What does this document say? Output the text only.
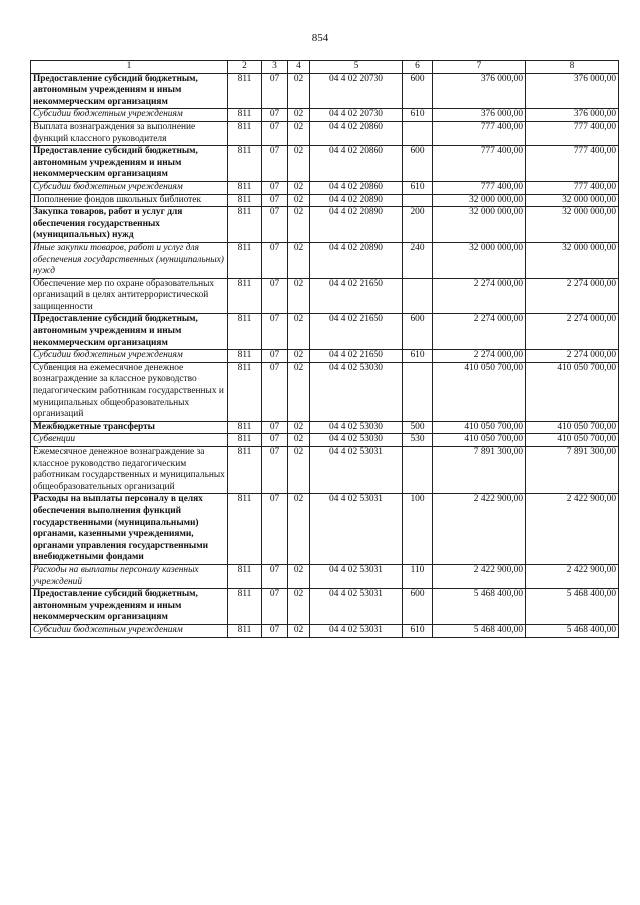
854
1	2	3	4	5	6	7	8
Предоставление субсидий бюджетным, автономным учреждениям и иным некоммерческим организациям	811	07	02	04 4 02 20730	600	376 000,00	376 000,00
Субсидии бюджетным учреждениям	811	07	02	04 4 02 20730	610	376 000,00	376 000,00
Выплата вознаграждения за выполнение функций классного руководителя	811	07	02	04 4 02 20860		777 400,00	777 400,00
Предоставление субсидий бюджетным, автономным учреждениям и иным некоммерческим организациям	811	07	02	04 4 02 20860	600	777 400,00	777 400,00
Субсидии бюджетным учреждениям	811	07	02	04 4 02 20860	610	777 400,00	777 400,00
Пополнение фондов школьных библиотек	811	07	02	04 4 02 20890		32 000 000,00	32 000 000,00
Закупка товаров, работ и услуг для обеспечения государственных (муниципальных) нужд	811	07	02	04 4 02 20890	200	32 000 000,00	32 000 000,00
Иные закупки товаров, работ и услуг для обеспечения государственных (муниципальных) нужд	811	07	02	04 4 02 20890	240	32 000 000,00	32 000 000,00
Обеспечение мер по охране образовательных организаций в целях антитеррористической защищенности	811	07	02	04 4 02 21650		2 274 000,00	2 274 000,00
Предоставление субсидий бюджетным, автономным учреждениям и иным некоммерческим организациям	811	07	02	04 4 02 21650	600	2 274 000,00	2 274 000,00
Субсидии бюджетным учреждениям	811	07	02	04 4 02 21650	610	2 274 000,00	2 274 000,00
Субвенция на ежемесячное денежное вознаграждение за классное руководство педагогическим работникам государственных и муниципальных общеобразовательных организаций	811	07	02	04 4 02 53030		410 050 700,00	410 050 700,00
Межбюджетные трансферты	811	07	02	04 4 02 53030	500	410 050 700,00	410 050 700,00
Субвенции	811	07	02	04 4 02 53030	530	410 050 700,00	410 050 700,00
Ежемесячное денежное вознаграждение за классное руководство педагогическим работникам государственных и муниципальных общеобразовательных организаций	811	07	02	04 4 02 53031		7 891 300,00	7 891 300,00
Расходы на выплаты персоналу в целях обеспечения выполнения функций государственными (муниципальными) органами, казенными учреждениями, органами управления государственными внебюджетными фондами	811	07	02	04 4 02 53031	100	2 422 900,00	2 422 900,00
Расходы на выплаты персоналу казенных учреждений	811	07	02	04 4 02 53031	110	2 422 900,00	2 422 900,00
Предоставление субсидий бюджетным, автономным учреждениям и иным некоммерческим организациям	811	07	02	04 4 02 53031	600	5 468 400,00	5 468 400,00
Субсидии бюджетным учреждениям	811	07	02	04 4 02 53031	610	5 468 400,00	5 468 400,00
